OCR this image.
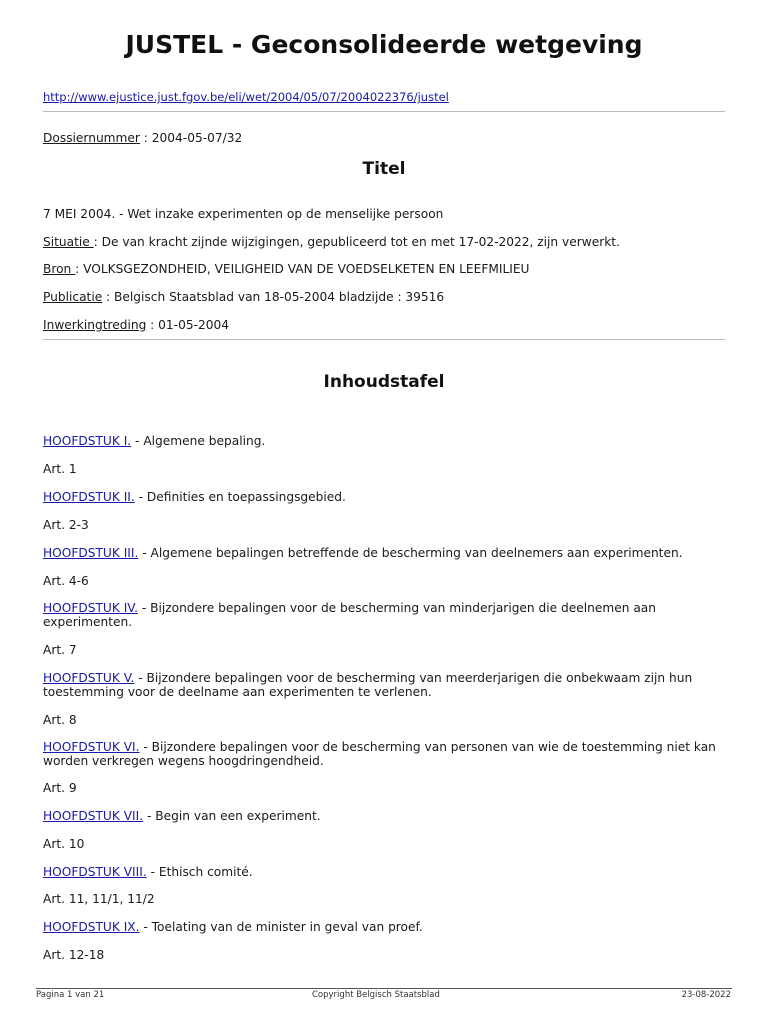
JUSTEL - Geconsolideerde wetgeving
http://www.ejustice.just.fgov.be/eli/wet/2004/05/07/2004022376/justel
Dossiernummer : 2004-05-07/32
Titel
7 MEI 2004. - Wet inzake experimenten op de menselijke persoon
Situatie : De van kracht zijnde wijzigingen, gepubliceerd tot en met 17-02-2022, zijn verwerkt.
Bron : VOLKSGEZONDHEID, VEILIGHEID VAN DE VOEDSELKETEN EN LEEFMILIEU
Publicatie : Belgisch Staatsblad van 18-05-2004 bladzijde : 39516
Inwerkingtreding : 01-05-2004
Inhoudstafel
HOOFDSTUK I. - Algemene bepaling.
Art. 1
HOOFDSTUK II. - Definities en toepassingsgebied.
Art. 2-3
HOOFDSTUK III. - Algemene bepalingen betreffende de bescherming van deelnemers aan experimenten.
Art. 4-6
HOOFDSTUK IV. - Bijzondere bepalingen voor de bescherming van minderjarigen die deelnemen aan experimenten.
Art. 7
HOOFDSTUK V. - Bijzondere bepalingen voor de bescherming van meerderjarigen die onbekwaam zijn hun toestemming voor de deelname aan experimenten te verlenen.
Art. 8
HOOFDSTUK VI. - Bijzondere bepalingen voor de bescherming van personen van wie de toestemming niet kan worden verkregen wegens hoogdringendheid.
Art. 9
HOOFDSTUK VII. - Begin van een experiment.
Art. 10
HOOFDSTUK VIII. - Ethisch comité.
Art. 11, 11/1, 11/2
HOOFDSTUK IX. - Toelating van de minister in geval van proef.
Art. 12-18
Pagina 1 van 21	Copyright Belgisch Staatsblad	23-08-2022
